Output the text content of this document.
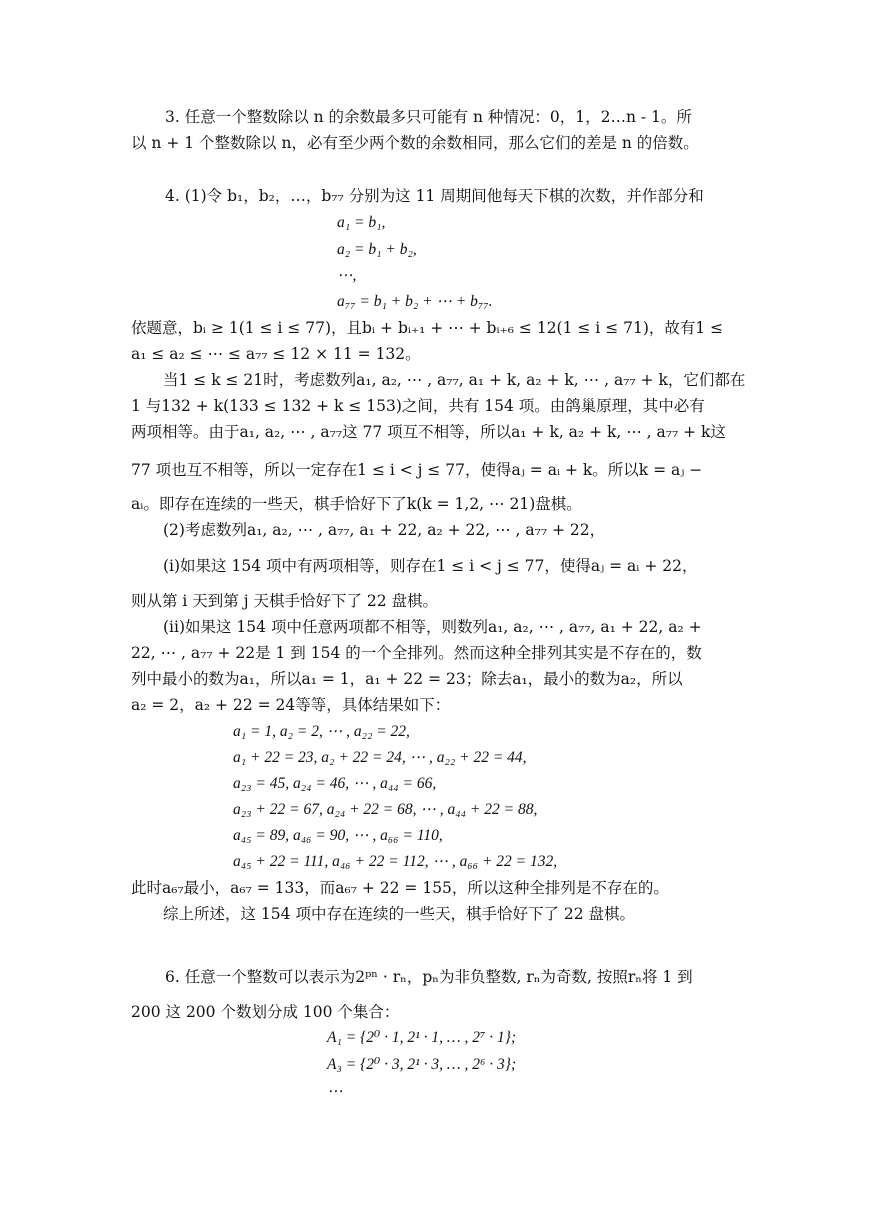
3. 任意一个整数除以 n 的余数最多只可能有 n 种情况：0，1，2…n - 1。所
以 n + 1 个整数除以 n，必有至少两个数的余数相同，那么它们的差是 n 的倍数。
4. (1)令 b₁，b₂，…，b₇₇ 分别为这 11 周期间他每天下棋的次数，并作部分和
a₁ = b₁,
a₂ = b₁ + b₂,
⋯,
a₇₇ = b₁ + b₂ + ⋯ + b₇₇.
依题意，bᵢ ≥ 1(1 ≤ i ≤ 77)，且bᵢ + bᵢ₊₁ + ⋯ + bᵢ₊₆ ≤ 12(1 ≤ i ≤ 71)，故有1 ≤
a₁ ≤ a₂ ≤ ⋯ ≤ a₇₇ ≤ 12 × 11 = 132。
当1 ≤ k ≤ 21时，考虑数列a₁, a₂, ⋯ , a₇₇, a₁ + k, a₂ + k, ⋯ , a₇₇ + k，它们都在
1 与132 + k(133 ≤ 132 + k ≤ 153)之间，共有 154 项。由鸽巢原理，其中必有
两项相等。由于a₁, a₂, ⋯ , a₇₇这 77 项互不相等，所以a₁ + k, a₂ + k, ⋯ , a₇₇ + k这
77 项也互不相等，所以一定存在1 ≤ i < j ≤ 77，使得aⱼ = aᵢ + k。所以k = aⱼ −
aᵢ。即存在连续的一些天，棋手恰好下了k(k = 1,2, ⋯ 21)盘棋。
(2)考虑数列a₁, a₂, ⋯ , a₇₇, a₁ + 22, a₂ + 22, ⋯ , a₇₇ + 22，
(i)如果这 154 项中有两项相等，则存在1 ≤ i < j ≤ 77，使得aⱼ = aᵢ + 22，
则从第 i 天到第 j 天棋手恰好下了 22 盘棋。
(ii)如果这 154 项中任意两项都不相等，则数列a₁, a₂, ⋯ , a₇₇, a₁ + 22, a₂ +
22, ⋯ , a₇₇ + 22是 1 到 154 的一个全排列。然而这种全排列其实是不存在的，数
列中最小的数为a₁，所以a₁ = 1，a₁ + 22 = 23；除去a₁，最小的数为a₂，所以
a₂ = 2，a₂ + 22 = 24等等，具体结果如下：
a₁ = 1, a₂ = 2, ⋯ , a₂₂ = 22,
a₁ + 22 = 23, a₂ + 22 = 24, ⋯ , a₂₂ + 22 = 44,
a₂₃ = 45, a₂₄ = 46, ⋯ , a₄₄ = 66,
a₂₃ + 22 = 67, a₂₄ + 22 = 68, ⋯ , a₄₄ + 22 = 88,
a₄₅ = 89, a₄₆ = 90, ⋯ , a₆₆ = 110,
a₄₅ + 22 = 111, a₄₆ + 22 = 112, ⋯ , a₆₆ + 22 = 132,
此时a₆₇最小，a₆₇ = 133，而a₆₇ + 22 = 155，所以这种全排列是不存在的。
综上所述，这 154 项中存在连续的一些天，棋手恰好下了 22 盘棋。
6. 任意一个整数可以表示为2ᵖⁿ · rₙ，pₙ为非负整数, rₙ为奇数, 按照rₙ将 1 到
200 这 200 个数划分成 100 个集合：
A₁ = {2⁰ · 1, 2¹ · 1, … , 2⁷ · 1};
A₃ = {2⁰ · 3, 2¹ · 3, … , 2⁶ · 3};
⋯
